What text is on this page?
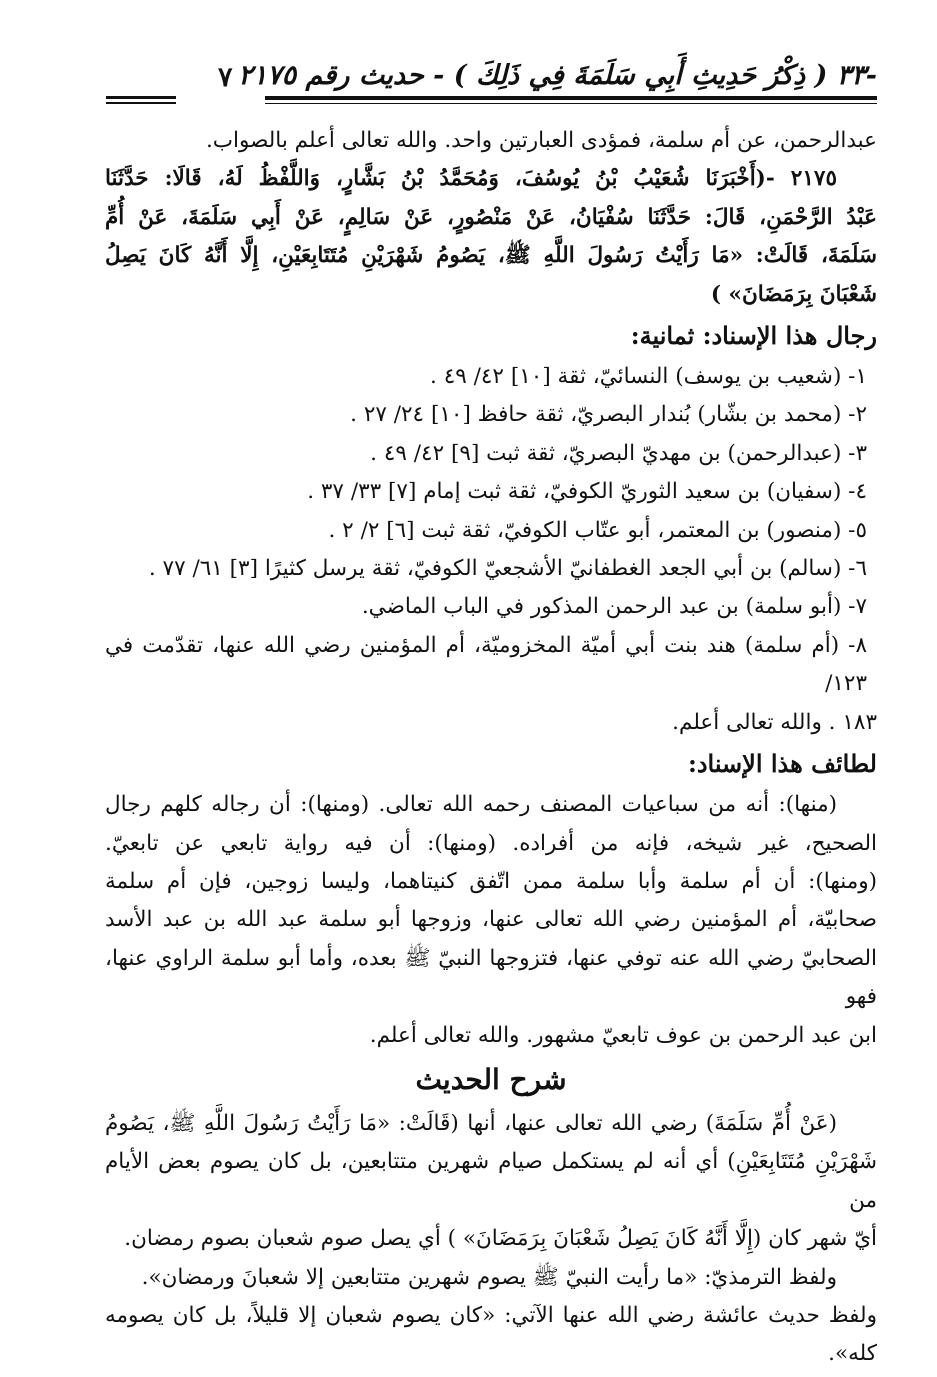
-٣٣ ( ذِكْرُ حَدِيثِ أَبِي سَلَمَةَ فِي ذَلِكَ ) - حديث رقم ٢١٧٥
٧

عبدالرحمن، عن أم سلمة، فمؤدى العبارتين واحد. والله تعالى أعلم بالصواب.

٢١٧٥ -(أَخْبَرَنَا شُعَيْبُ بْنُ يُوسُفَ، وَمُحَمَّدُ بْنُ بَشَّارٍ، وَاللَّفْظُ لَهُ، قَالَا: حَدَّثَنَا

عَبْدُ الرَّحْمَنِ، قَالَ: حَدَّثَنَا سُفْيَانُ، عَنْ مَنْصُورٍ، عَنْ سَالِمٍ، عَنْ أَبِي سَلَمَةَ، عَنْ أُمِّ

سَلَمَةَ، قَالَتْ: «مَا رَأَيْتُ رَسُولَ اللَّهِ ﷺ، يَصُومُ شَهْرَيْنِ مُتَتَابِعَيْنِ، إِلَّا أَنَّهُ كَانَ يَصِلُ

شَعْبَانَ بِرَمَضَانَ» )

رجال هذا الإسناد: ثمانية:

١- (شعيب بن يوسف) النسائيّ، ثقة [١٠] ٤٢/ ٤٩ .

٢- (محمد بن بشّار) بُندار البصريّ، ثقة حافظ [١٠] ٢٤/ ٢٧ .

٣- (عبدالرحمن) بن مهديّ البصريّ، ثقة ثبت [٩] ٤٢/ ٤٩ .

٤- (سفيان) بن سعيد الثوريّ الكوفيّ، ثقة ثبت إمام [٧] ٣٣/ ٣٧ .

٥- (منصور) بن المعتمر، أبو عتّاب الكوفيّ، ثقة ثبت [٦] ٢/ ٢ .

٦- (سالم) بن أبي الجعد الغطفانيّ الأشجعيّ الكوفيّ، ثقة يرسل كثيرًا [٣] ٦١/ ٧٧ .

٧- (أبو سلمة) بن عبد الرحمن المذكور في الباب الماضي.

٨- (أم سلمة) هند بنت أبي أميّة المخزوميّة، أم المؤمنين رضي الله عنها، تقدّمت في ١٢٣/

١٨٣ . والله تعالى أعلم.

لطائف هذا الإسناد:

(منها): أنه من سباعيات المصنف رحمه الله تعالى. (ومنها): أن رجاله كلهم رجال

الصحيح، غير شيخه، فإنه من أفراده. (ومنها): أن فيه رواية تابعي عن تابعيّ.

(ومنها): أن أم سلمة وأبا سلمة ممن اتّفق كنيتاهما، وليسا زوجين، فإن أم سلمة

صحابيّة، أم المؤمنين رضي الله تعالى عنها، وزوجها أبو سلمة عبد الله بن عبد الأسد

الصحابيّ رضي الله عنه توفي عنها، فتزوجها النبيّ ﷺ بعده، وأما أبو سلمة الراوي عنها، فهو

ابن عبد الرحمن بن عوف تابعيّ مشهور. والله تعالى أعلم.

شرح الحديث

(عَنْ أُمِّ سَلَمَةَ) رضي الله تعالى عنها، أنها (قَالَتْ: «مَا رَأَيْتُ رَسُولَ اللَّهِ ﷺ، يَصُومُ

شَهْرَيْنِ مُتَتَابِعَيْنِ) أي أنه لم يستكمل صيام شهرين متتابعين، بل كان يصوم بعض الأيام من

أيّ شهر كان (إِلَّا أَنَّهُ كَانَ يَصِلُ شَعْبَانَ بِرَمَضَانَ» ) أي يصل صوم شعبان بصوم رمضان.

ولفظ الترمذيّ: «ما رأيت النبيّ ﷺ يصوم شهرين متتابعين إلا شعبانَ ورمضان».

ولفظ حديث عائشة رضي الله عنها الآتي: «كان يصوم شعبان إلا قليلاً، بل كان يصومه كله».
